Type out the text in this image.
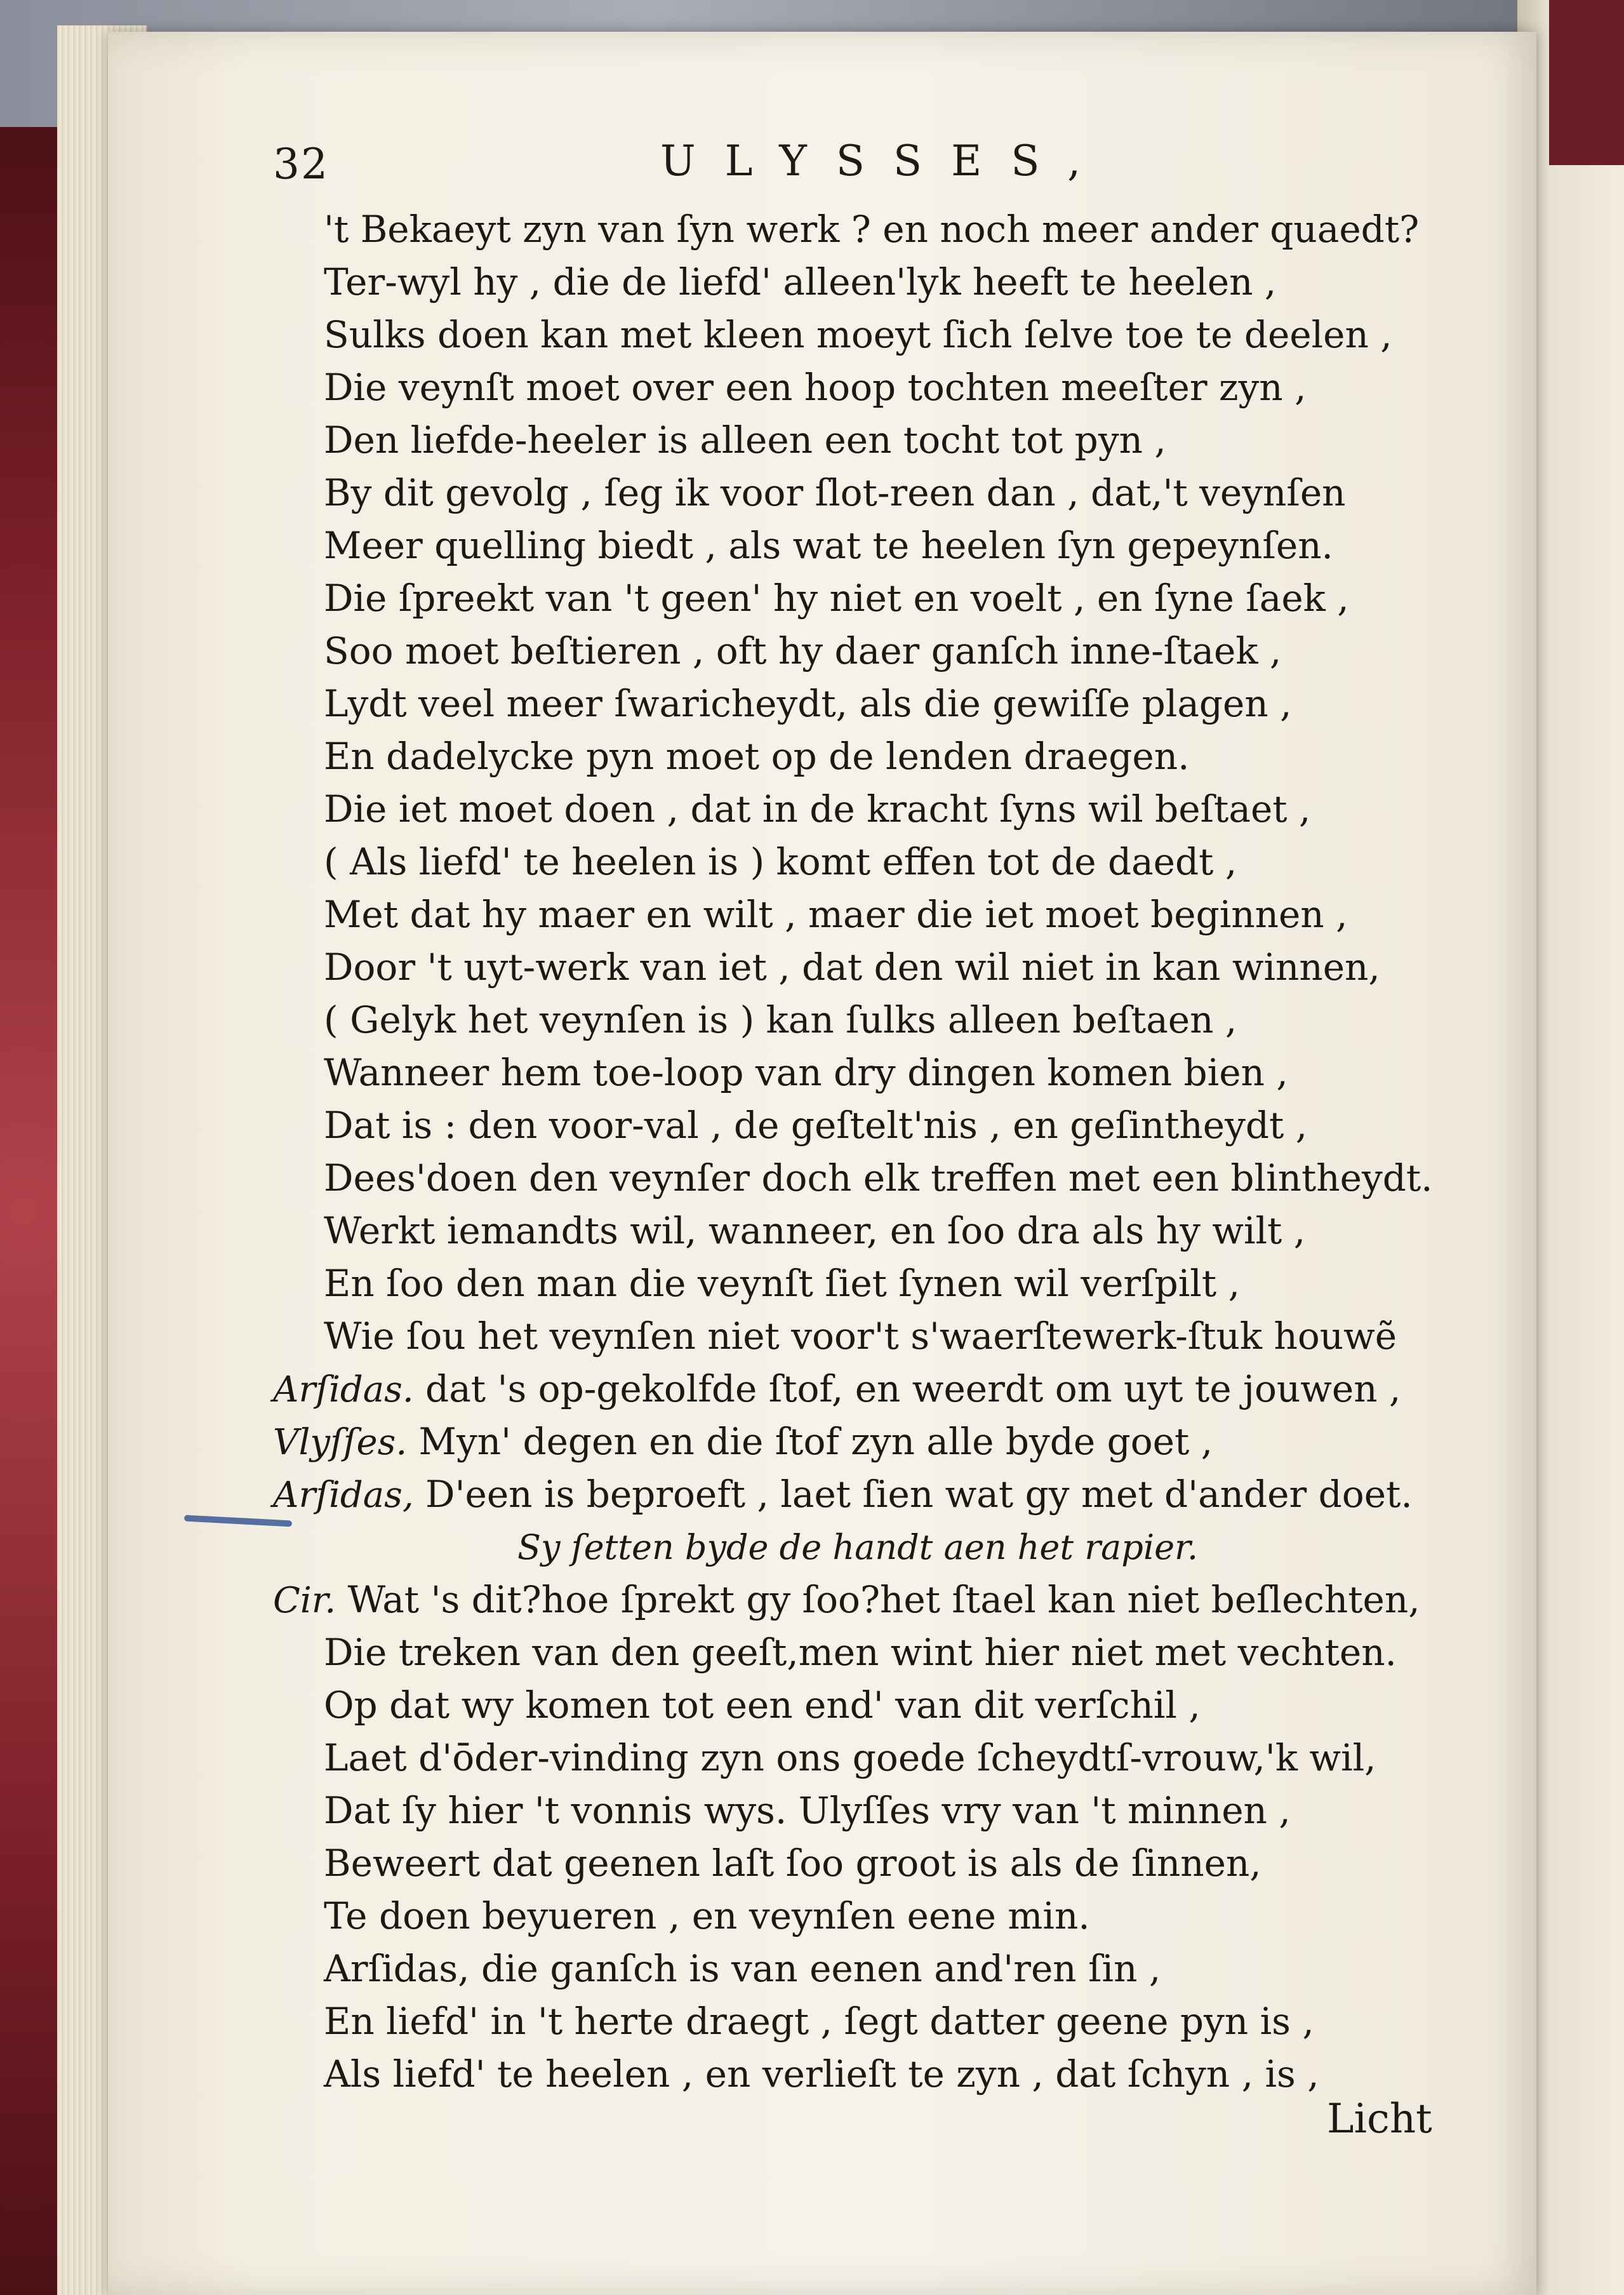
32	ULYSSES,
't Bekaeyt zyn van ſyn werk ? en noch meer ander quaedt?
Ter-wyl hy , die de liefd' alleen'lyk heeft te heelen ,
Sulks doen kan met kleen moeyt ſich ſelve toe te deelen ,
Die veynſt moet over een hoop tochten meeſter zyn ,
Den liefde-heeler is alleen een tocht tot pyn ,
By dit gevolg , ſeg ik voor ſlot-reen dan , dat,'t veynſen
Meer quelling biedt , als wat te heelen ſyn gepeynſen.
Die ſpreekt van 't geen' hy niet en voelt , en ſyne ſaek ,
Soo moet beſtieren , oft hy daer ganſch inne-ſtaek ,
Lydt veel meer ſwaricheydt, als die gewiſſe plagen ,
En dadelycke pyn moet op de lenden draegen.
Die iet moet doen , dat in de kracht ſyns wil beſtaet ,
( Als liefd' te heelen is ) komt effen tot de daedt ,
Met dat hy maer en wilt , maer die iet moet beginnen ,
Door 't uyt-werk van iet , dat den wil niet in kan winnen,
( Gelyk het veynſen is ) kan ſulks alleen beſtaen ,
Wanneer hem toe-loop van dry dingen komen bien ,
Dat is : den voor-val , de geſtelt'nis , en geſintheydt ,
Dees'doen den veynſer doch elk treffen met een blintheydt.
Werkt iemandts wil, wanneer, en ſoo dra als hy wilt ,
En ſoo den man die veynſt ſiet ſynen wil verſpilt ,
Wie ſou het veynſen niet voor't s'waerſtewerk-ſtuk houwẽ
Arſidas. dat 's op-gekolfde ſtof, en weerdt om uyt te jouwen ,
Vlyſſes. Myn' degen en die ſtof zyn alle byde goet ,
Arſidas, D'een is beproeft , laet ſien wat gy met d'ander doet.
Sy ſetten byde de handt aen het rapier.
Cir. Wat 's dit?hoe ſprekt gy ſoo?het ſtael kan niet beſlechten,
Die treken van den geeſt,men wint hier niet met vechten.
Op dat wy komen tot een end' van dit verſchil ,
Laet d'ōder-vinding zyn ons goede ſcheydtſ-vrouw,'k wil,
Dat ſy hier 't vonnis wys. Ulyſſes vry van 't minnen ,
Beweert dat geenen laſt ſoo groot is als de ſinnen,
Te doen beyueren , en veynſen eene min.
Arſidas, die ganſch is van eenen and'ren ſin ,
En liefd' in 't herte draegt , ſegt datter geene pyn is ,
Als liefd' te heelen , en verlieſt te zyn , dat ſchyn , is ,
Licht
